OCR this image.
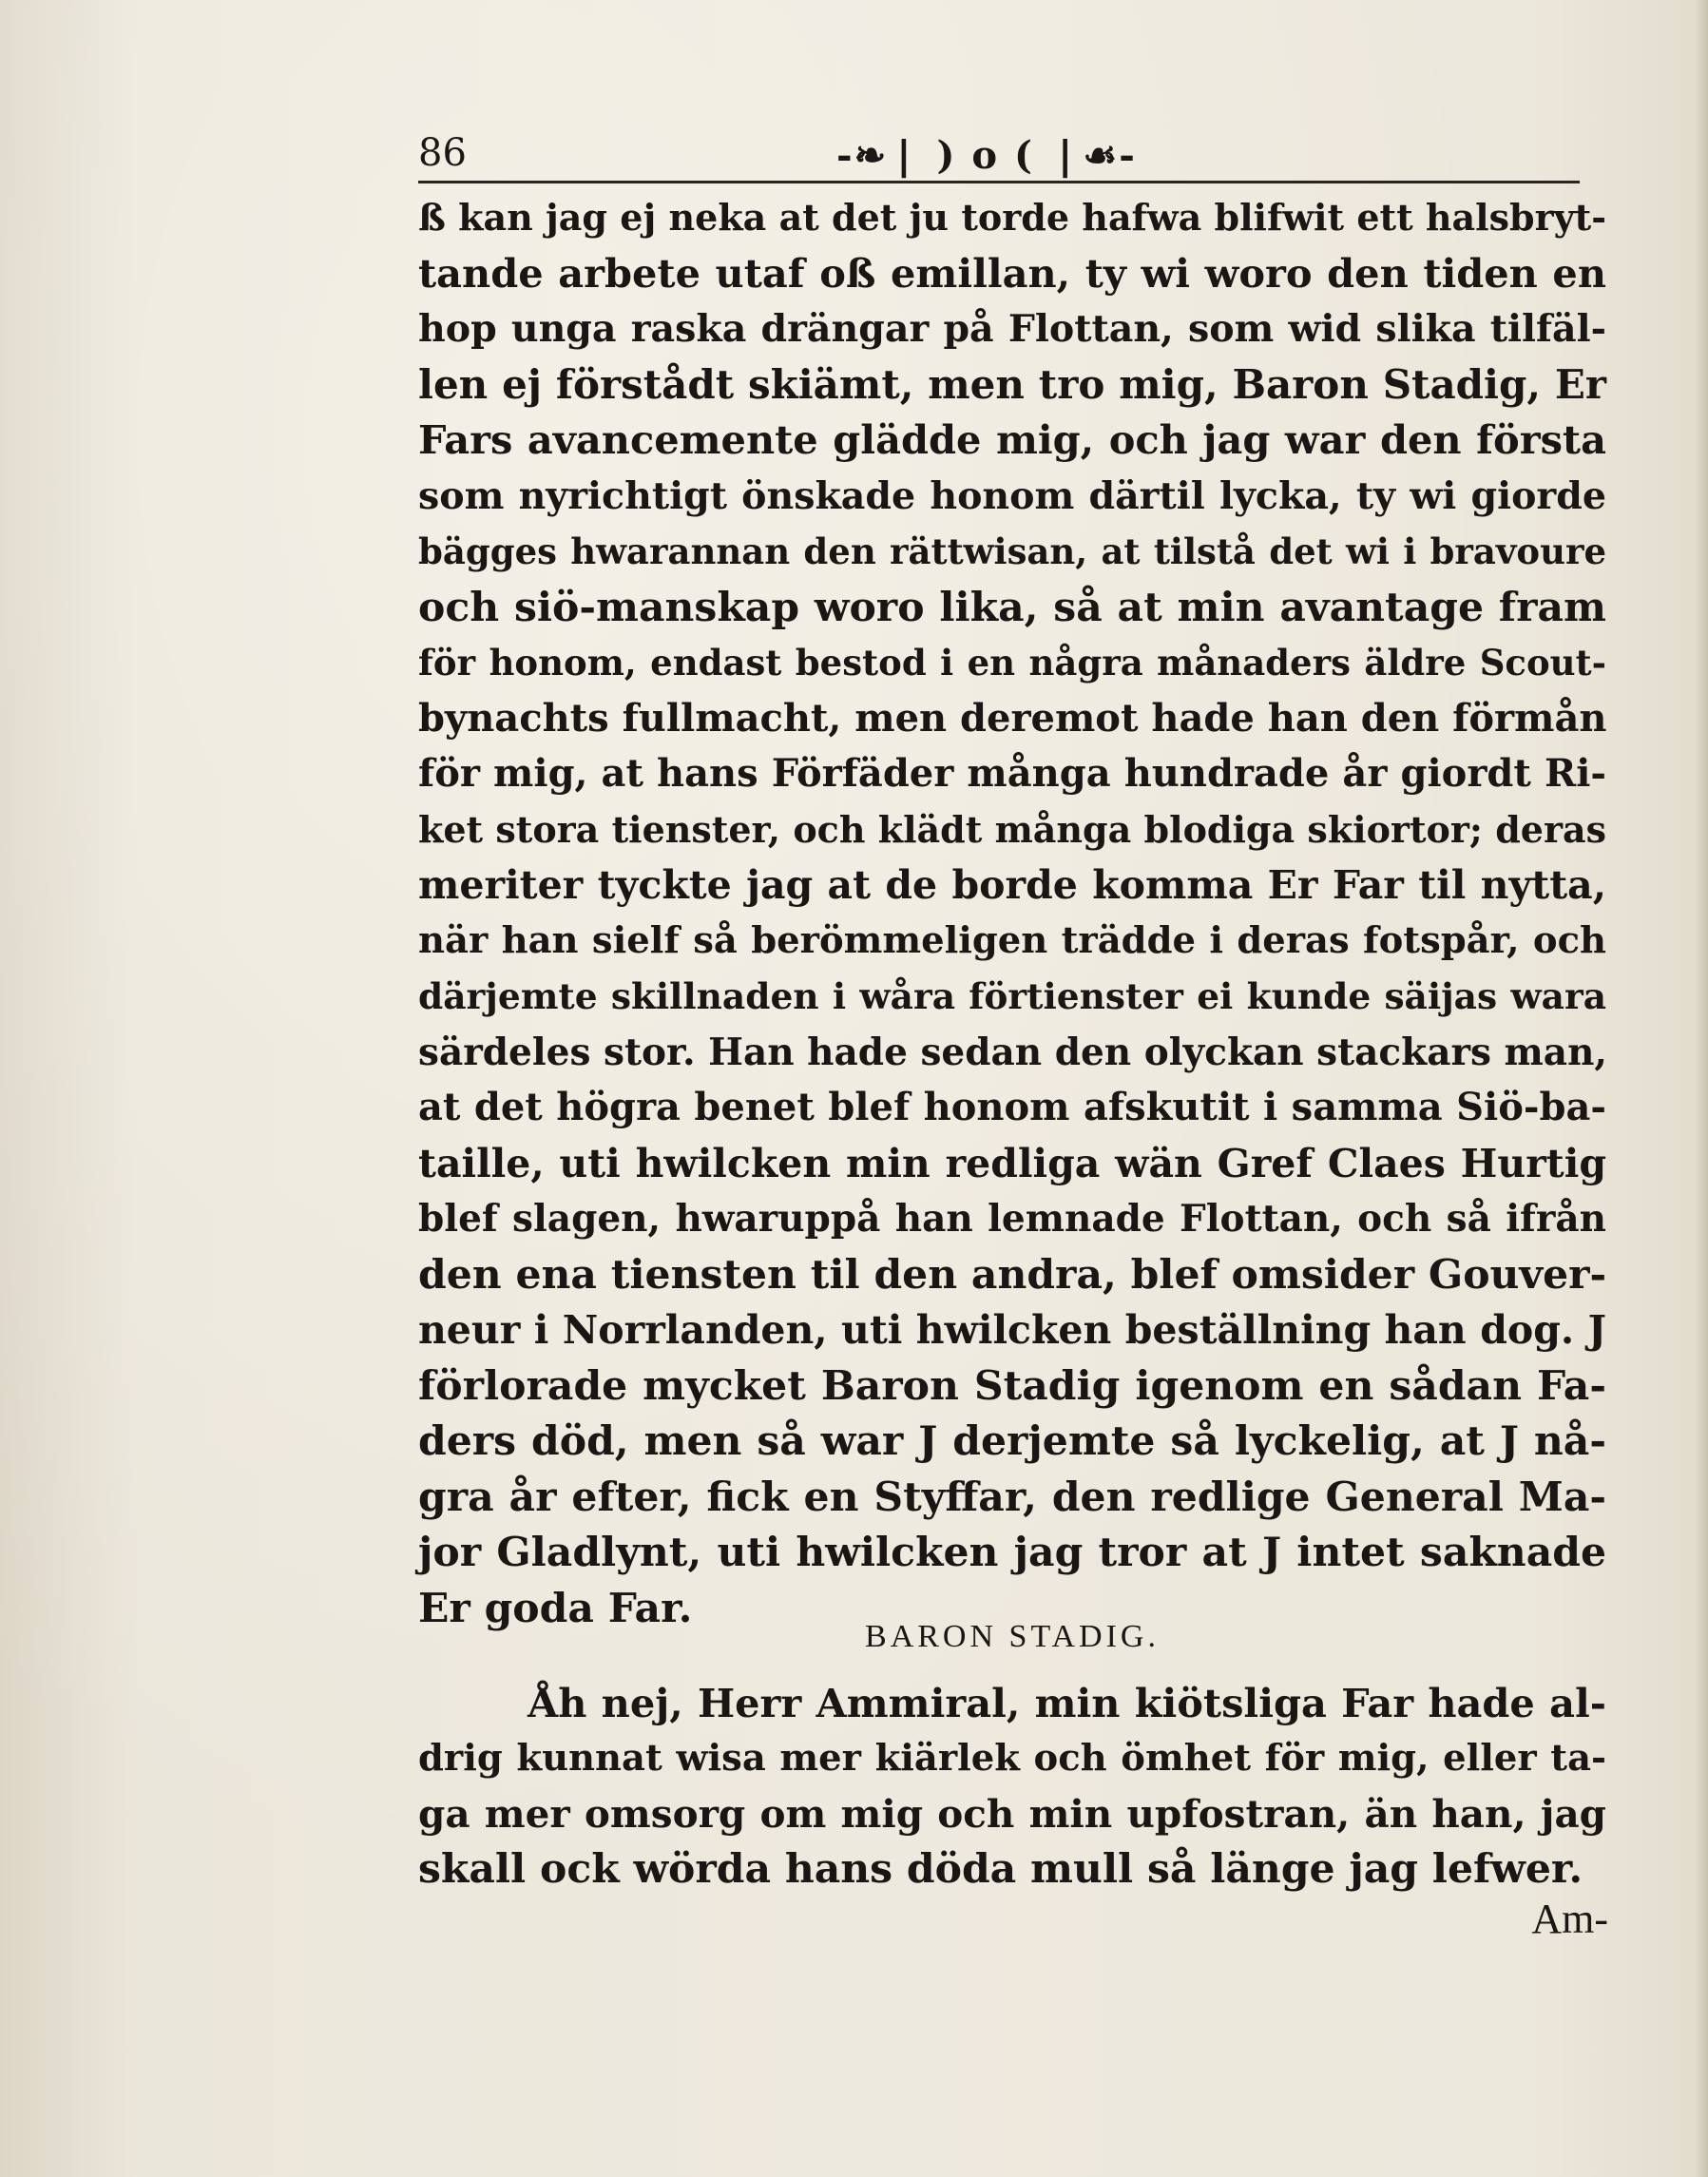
86	-❧❘ ) o ( ❘☙-
ß kan jag ej neka at det ju torde hafwa blifwit ett halsbryt-
tande arbete utaf oß emillan, ty wi woro den tiden en
hop unga raska drängar på Flottan, som wid slika tilfäl-
len ej förstådt skiämt, men tro mig, Baron Stadig, Er
Fars avancemente glädde mig, och jag war den första
som nyrichtigt önskade honom därtil lycka, ty wi giorde
bägges hwarannan den rättwisan, at tilstå det wi i bravoure
och siö-manskap woro lika, så at min avantage fram
för honom, endast bestod i en några månaders äldre Scout-
bynachts fullmacht, men deremot hade han den förmån
för mig, at hans Förfäder många hundrade år giordt Ri-
ket stora tienster, och klädt många blodiga skiortor; deras
meriter tyckte jag at de borde komma Er Far til nytta,
när han sielf så berömmeligen trädde i deras fotspår, och
därjemte skillnaden i wåra förtienster ei kunde säijas wara
särdeles stor. Han hade sedan den olyckan stackars man,
at det högra benet blef honom afskutit i samma Siö-ba-
taille, uti hwilcken min redliga wän Gref Claes Hurtig
blef slagen, hwaruppå han lemnade Flottan, och så ifrån
den ena tiensten til den andra, blef omsider Gouver-
neur i Norrlanden, uti hwilcken beställning han dog. J
förlorade mycket Baron Stadig igenom en sådan Fa-
ders död, men så war J derjemte så lyckelig, at J nå-
gra år efter, fick en Styffar, den redlige General Ma-
jor Gladlynt, uti hwilcken jag tror at J intet saknade
Er goda Far.
BARON STADIG.
Åh nej, Herr Ammiral, min kiötsliga Far hade al-
drig kunnat wisa mer kiärlek och ömhet för mig, eller ta-
ga mer omsorg om mig och min upfostran, än han, jag
skall ock wörda hans döda mull så länge jag lefwer.
Am-
